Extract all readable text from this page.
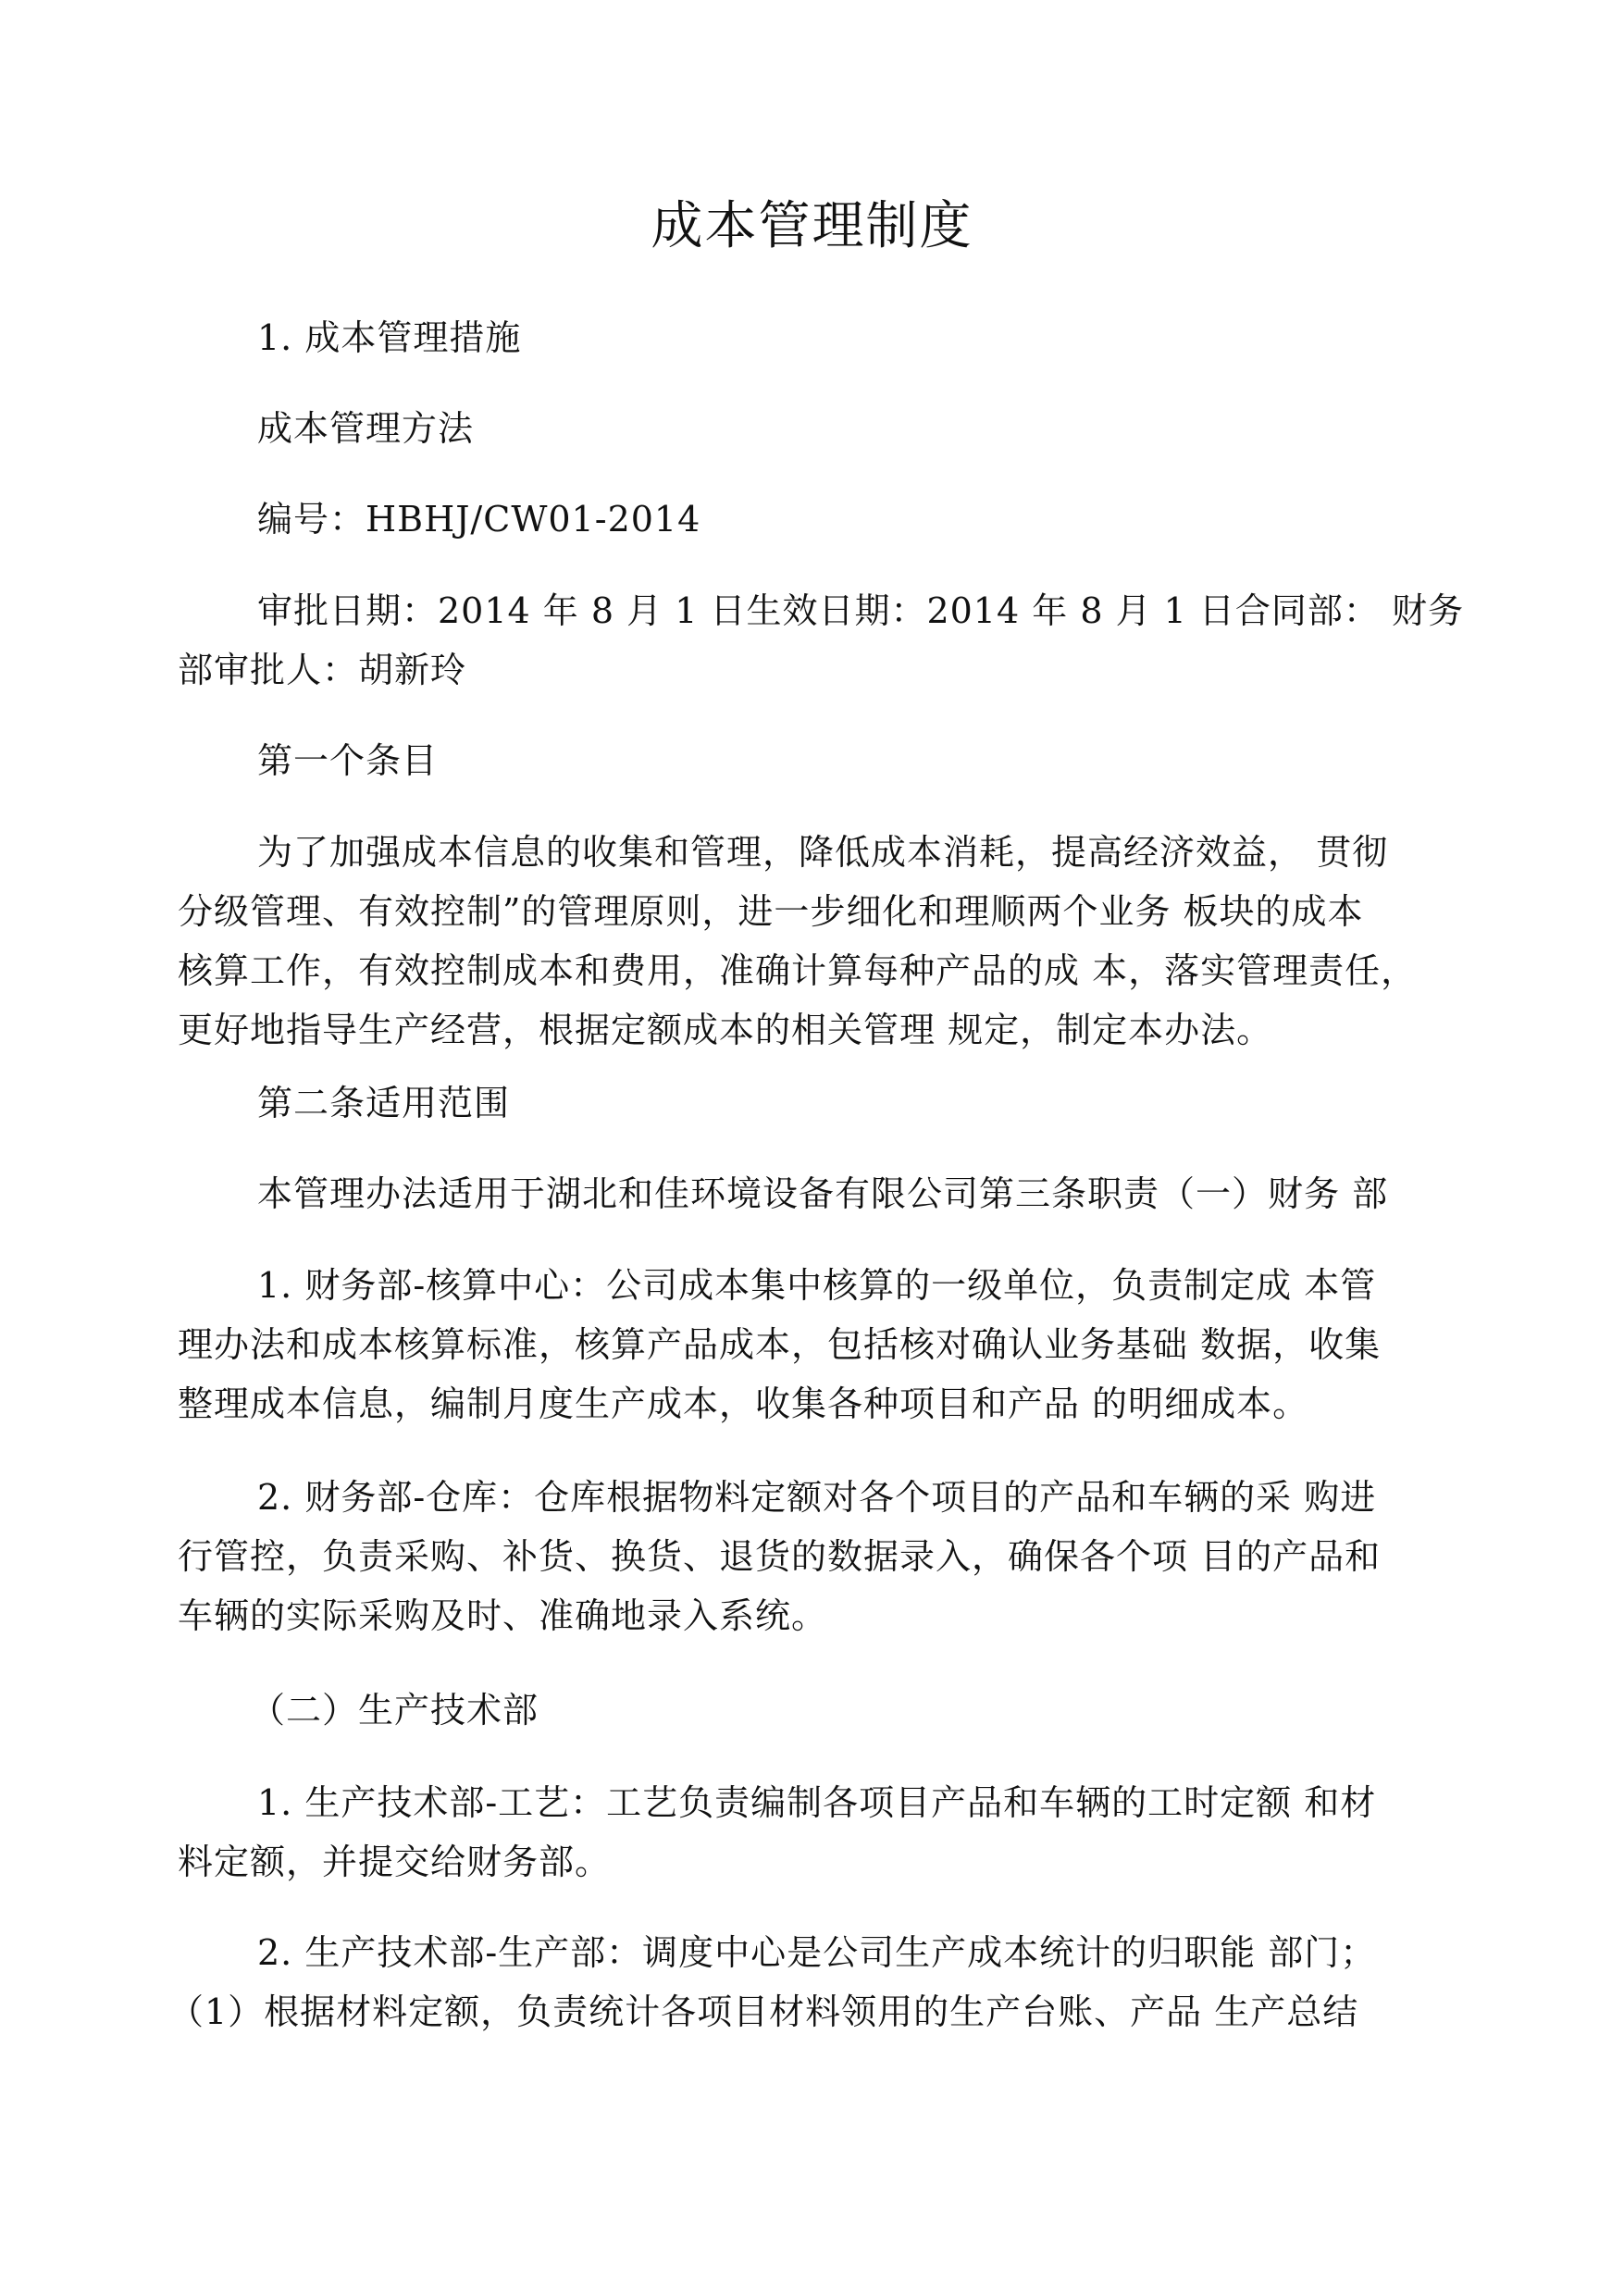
成本管理制度
1. 成本管理措施
成本管理方法
编号：HBHJ/CW01-2014
审批日期：2014 年 8 月 1 日生效日期：2014 年 8 月 1 日合同部： 财务
部审批人：胡新玲
第一个条目
为了加强成本信息的收集和管理，降低成本消耗，提高经济效益， 贯彻
分级管理、有效控制”的管理原则，进一步细化和理顺两个业务 板块的成本
核算工作，有效控制成本和费用，准确计算每种产品的成 本，落实管理责任，
更好地指导生产经营，根据定额成本的相关管理 规定，制定本办法。
第二条适用范围
本管理办法适用于湖北和佳环境设备有限公司第三条职责（一）财务 部
1. 财务部-核算中心：公司成本集中核算的一级单位，负责制定成 本管
理办法和成本核算标准，核算产品成本，包括核对确认业务基础 数据，收集
整理成本信息，编制月度生产成本，收集各种项目和产品 的明细成本。
2. 财务部-仓库：仓库根据物料定额对各个项目的产品和车辆的采 购进
行管控，负责采购、补货、换货、退货的数据录入，确保各个项 目的产品和
车辆的实际采购及时、准确地录入系统。
（二）生产技术部
1. 生产技术部-工艺：工艺负责编制各项目产品和车辆的工时定额 和材
料定额，并提交给财务部。
2. 生产技术部-生产部：调度中心是公司生产成本统计的归职能 部门；
（1）根据材料定额，负责统计各项目材料领用的生产台账、产品 生产总结
